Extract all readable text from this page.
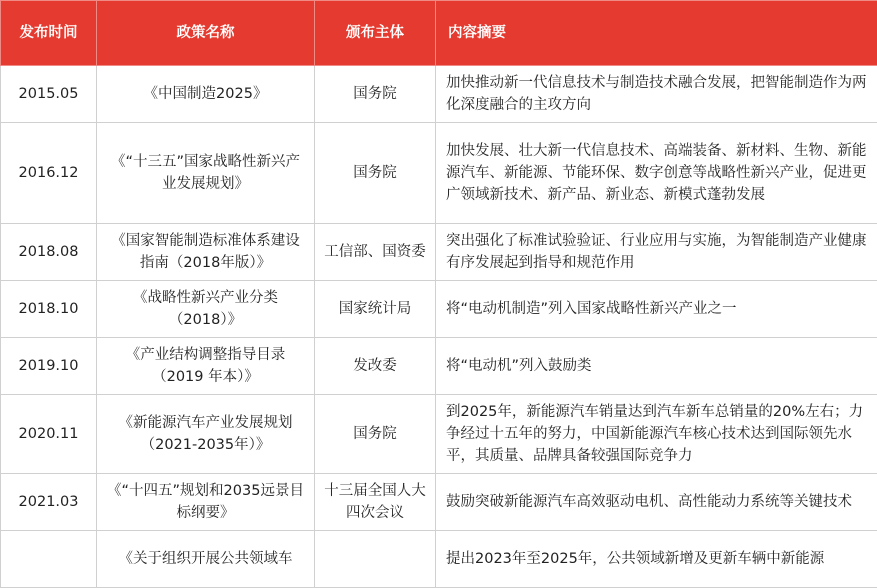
发布时间	政策名称	颁布主体	内容摘要
2015.05	《中国制造2025》	国务院	加快推动新一代信息技术与制造技术融合发展，把智能制造作为两化深度融合的主攻方向
2016.12	《“十三五”国家战略性新兴产业发展规划》	国务院	加快发展、壮大新一代信息技术、高端装备、新材料、生物、新能源汽车、新能源、节能环保、数字创意等战略性新兴产业，促进更广领域新技术、新产品、新业态、新模式蓬勃发展
2018.08	《国家智能制造标准体系建设指南（2018年版）》	工信部、国资委	突出强化了标准试验验证、行业应用与实施，为智能制造产业健康有序发展起到指导和规范作用
2018.10	《战略性新兴产业分类（2018）》	国家统计局	将“电动机制造”列入国家战略性新兴产业之一
2019.10	《产业结构调整指导目录（2019 年本）》	发改委	将“电动机”列入鼓励类
2020.11	《新能源汽车产业发展规划（2021-2035年）》	国务院	到2025年，新能源汽车销量达到汽车新车总销量的20%左右；力争经过十五年的努力，中国新能源汽车核心技术达到国际领先水平，其质量、品牌具备较强国际竞争力
2021.03	《“十四五”规划和2035远景目标纲要》	十三届全国人大四次会议	鼓励突破新能源汽车高效驱动电机、高性能动力系统等关键技术
	《关于组织开展公共领域车		提出2023年至2025年，公共领域新增及更新车辆中新能源
